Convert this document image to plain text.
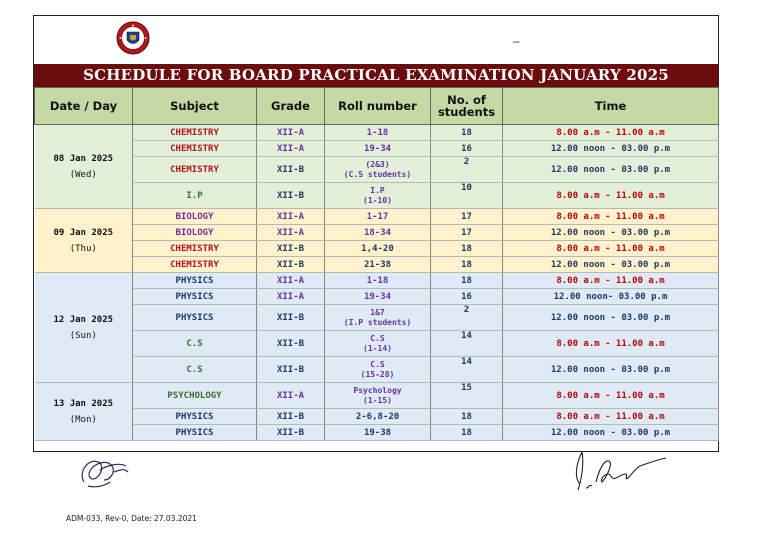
–
SCHEDULE FOR BOARD PRACTICAL EXAMINATION JANUARY 2025
Date / Day	Subject	Grade	Roll number	No. of students	Time

08 Jan 2025
(Wed)	CHEMISTRY	XII-A	1-18	18	8.00 a.m - 11.00 a.m
	CHEMISTRY	XII-A	19-34	16	12.00 noon - 03.00 p.m
	CHEMISTRY	XII-B	(2&3)
(C.S students)	2	12.00 noon - 03.00 p.m
	I.P	XII-B	I.P
(1-10)	10	8.00 a.m - 11.00 a.m

09 Jan 2025
(Thu)	BIOLOGY	XII-A	1-17	17	8.00 a.m - 11.00 a.m
	BIOLOGY	XII-A	18-34	17	12.00 noon - 03.00 p.m
	CHEMISTRY	XII-B	1,4-20	18	8.00 a.m - 11.00 a.m
	CHEMISTRY	XII-B	21-38	18	12.00 noon - 03.00 p.m

12 Jan 2025
(Sun)	PHYSICS	XII-A	1-18	18	8.00 a.m - 11.00 a.m
	PHYSICS	XII-A	19-34	16	12.00 noon- 03.00 p.m
	PHYSICS	XII-B	1&7
(I.P students)	2	12.00 noon - 03.00 p.m
	C.S	XII-B	C.S
(1-14)	14	8.00 a.m - 11.00 a.m
	C.S	XII-B	C.S
(15-28)	14	12.00 noon - 03.00 p.m

13 Jan 2025
(Mon)	PSYCHOLOGY	XII-A	Psychology
(1-15)	15	8.00 a.m - 11.00 a.m
	PHYSICS	XII-B	2-6,8-20	18	8.00 a.m - 11.00 a.m
	PHYSICS	XII-B	19-38	18	12.00 noon - 03.00 p.m
ADM-033, Rev-0, Date: 27.03.2021
